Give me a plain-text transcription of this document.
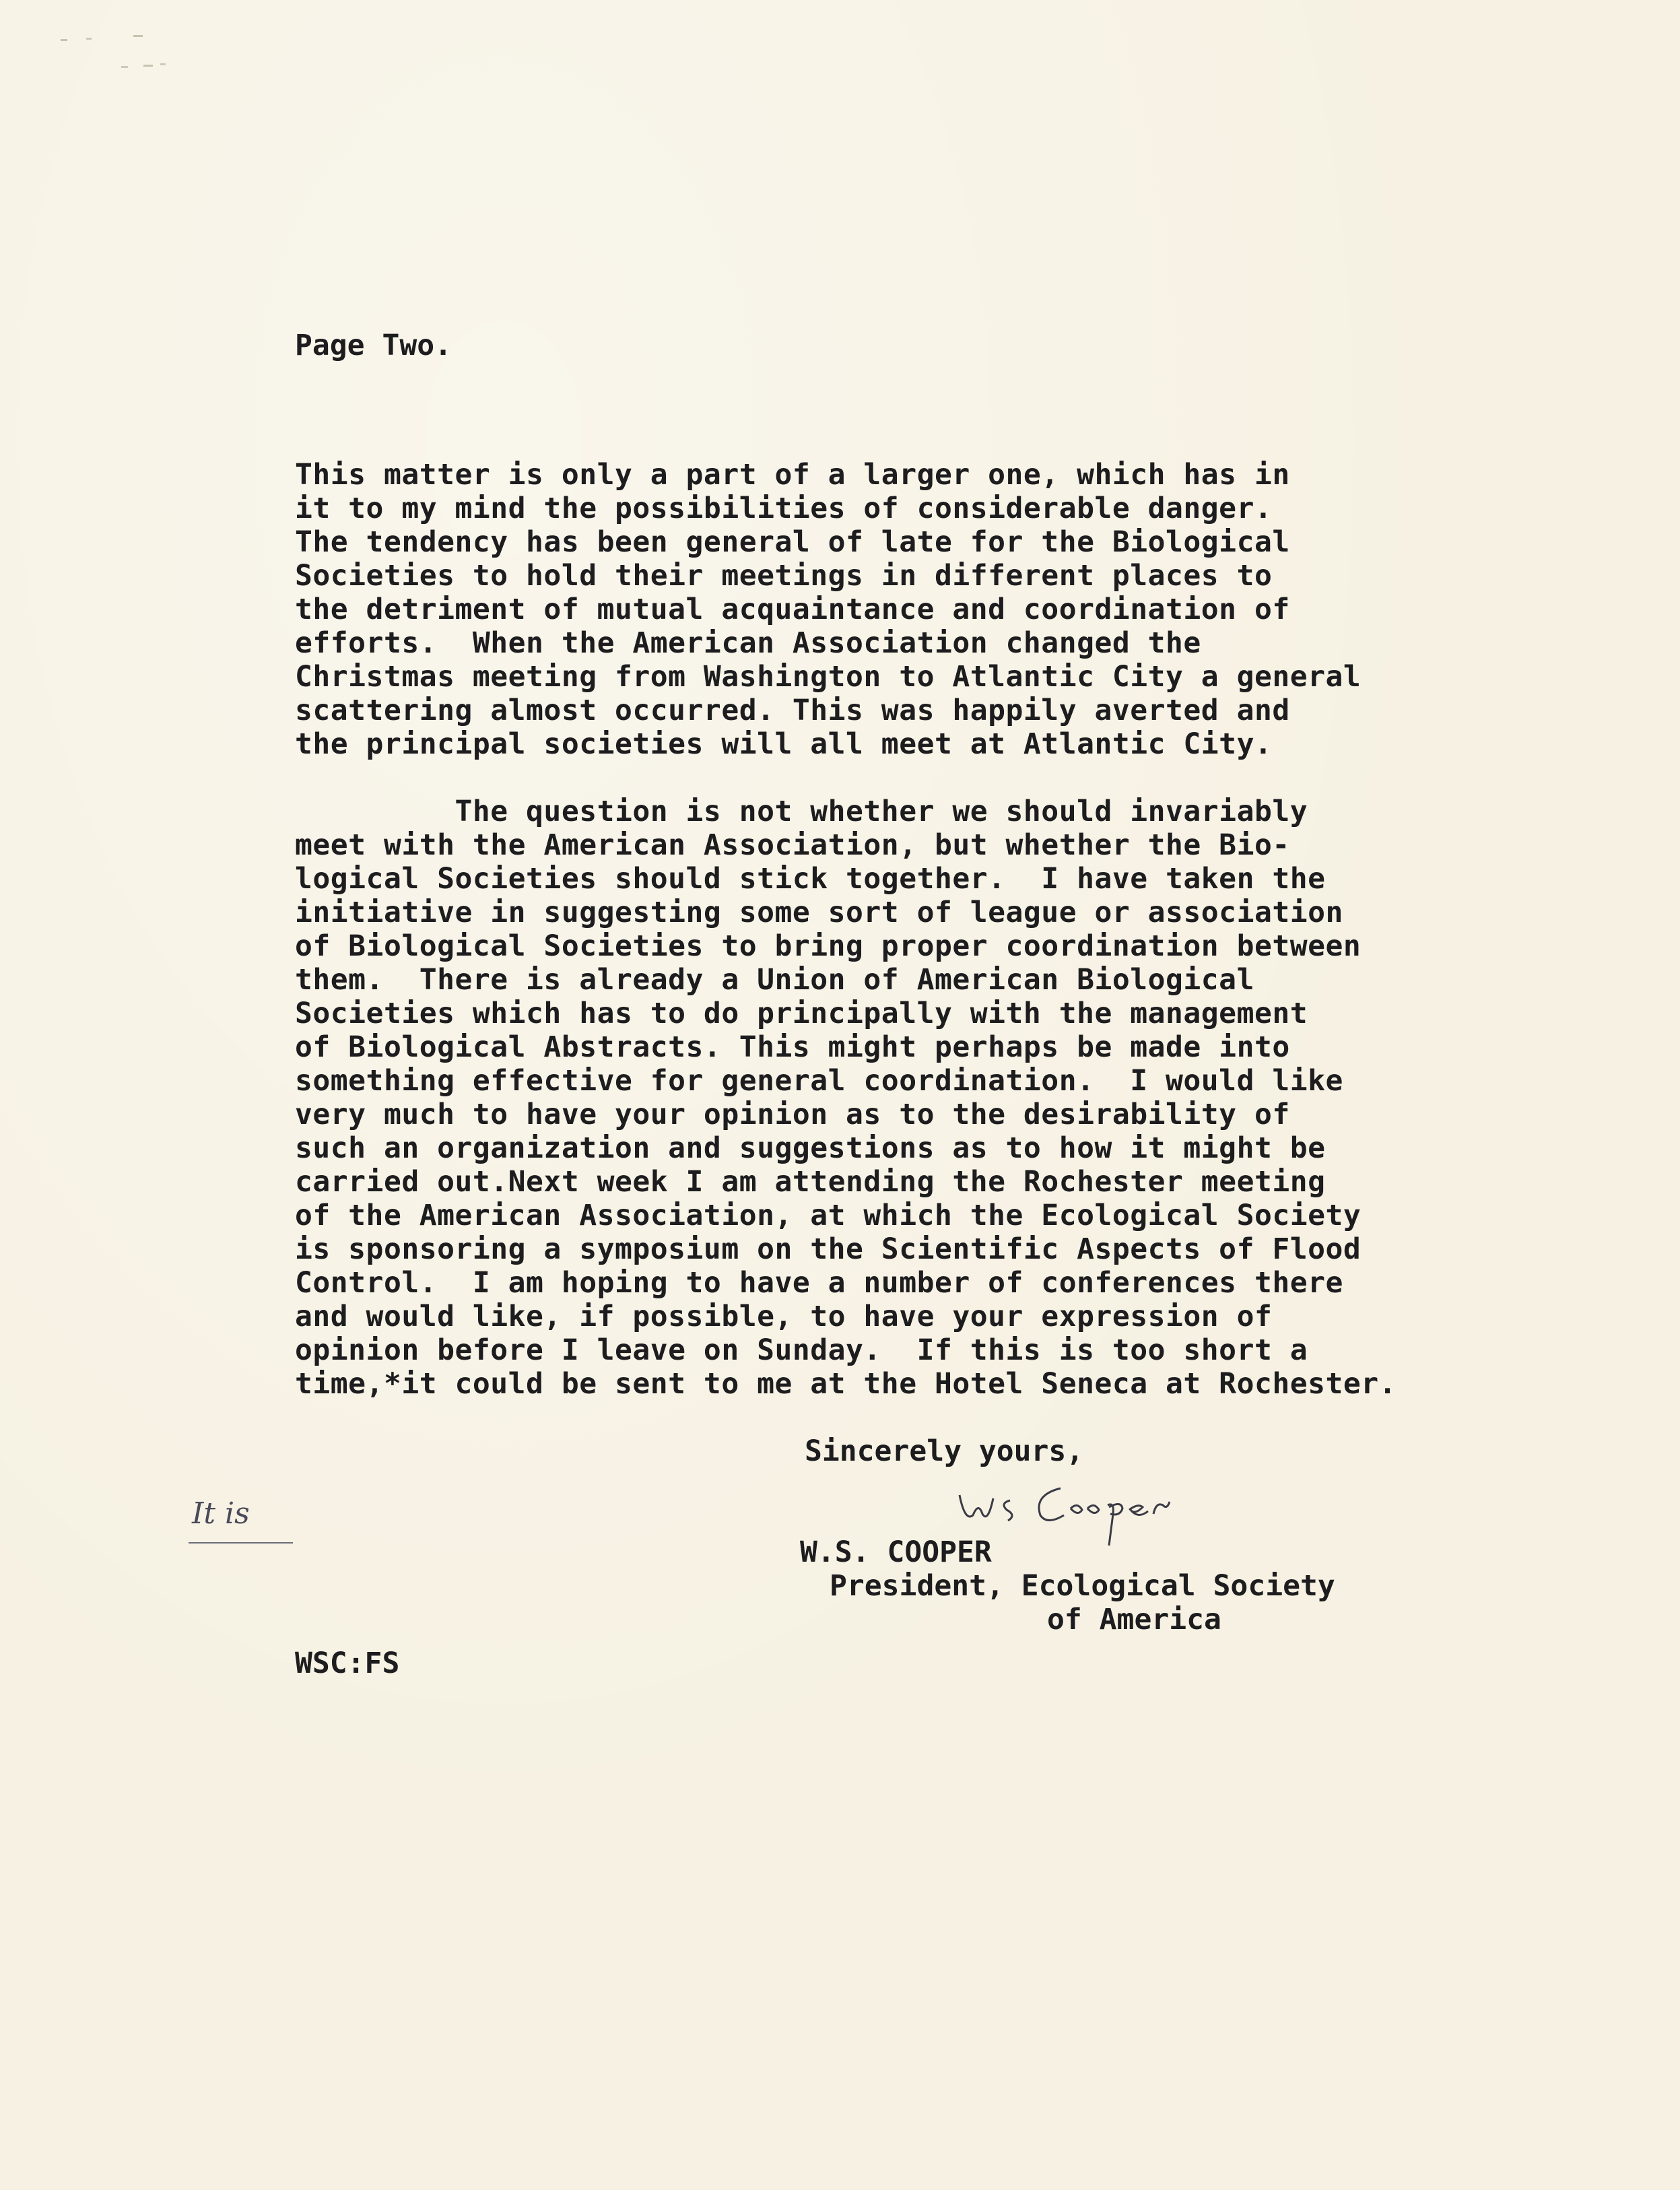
Page Two.
This matter is only a part of a larger one, which has in
it to my mind the possibilities of considerable danger.
The tendency has been general of late for the Biological
Societies to hold their meetings in different places to
the detriment of mutual acquaintance and coordination of
efforts.  When the American Association changed the
Christmas meeting from Washington to Atlantic City a general
scattering almost occurred. This was happily averted and
the principal societies will all meet at Atlantic City.
The question is not whether we should invariably
meet with the American Association, but whether the Bio-
logical Societies should stick together.  I have taken the
initiative in suggesting some sort of league or association
of Biological Societies to bring proper coordination between
them.  There is already a Union of American Biological
Societies which has to do principally with the management
of Biological Abstracts. This might perhaps be made into
something effective for general coordination.  I would like
very much to have your opinion as to the desirability of
such an organization and suggestions as to how it might be
carried out.Next week I am attending the Rochester meeting
of the American Association, at which the Ecological Society
is sponsoring a symposium on the Scientific Aspects of Flood
Control.  I am hoping to have a number of conferences there
and would like, if possible, to have your expression of
opinion before I leave on Sunday.  If this is too short a
time,*it could be sent to me at the Hotel Seneca at Rochester.
Sincerely yours,
W.S. COOPER
President, Ecological Society
of America
It is
WSC:FS
